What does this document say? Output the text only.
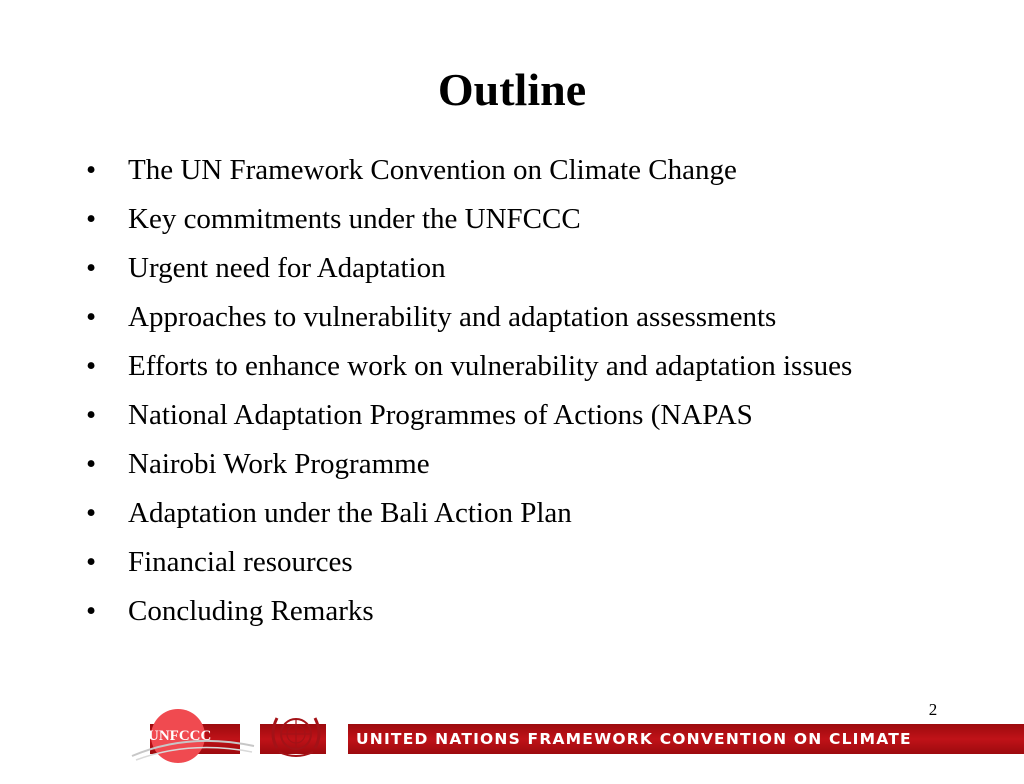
Outline
•	The UN Framework Convention on Climate Change
•	Key commitments under the UNFCCC
•	Urgent need for Adaptation
•	Approaches to vulnerability and adaptation assessments
•	Efforts to enhance work on vulnerability and adaptation issues
•	National Adaptation Programmes of Actions (NAPAS
•	Nairobi Work Programme
•	Adaptation under the Bali Action Plan
•	Financial resources
•	Concluding Remarks
2
UNITED NATIONS FRAMEWORK CONVENTION ON CLIMATE CHANGE
UNFCCC
